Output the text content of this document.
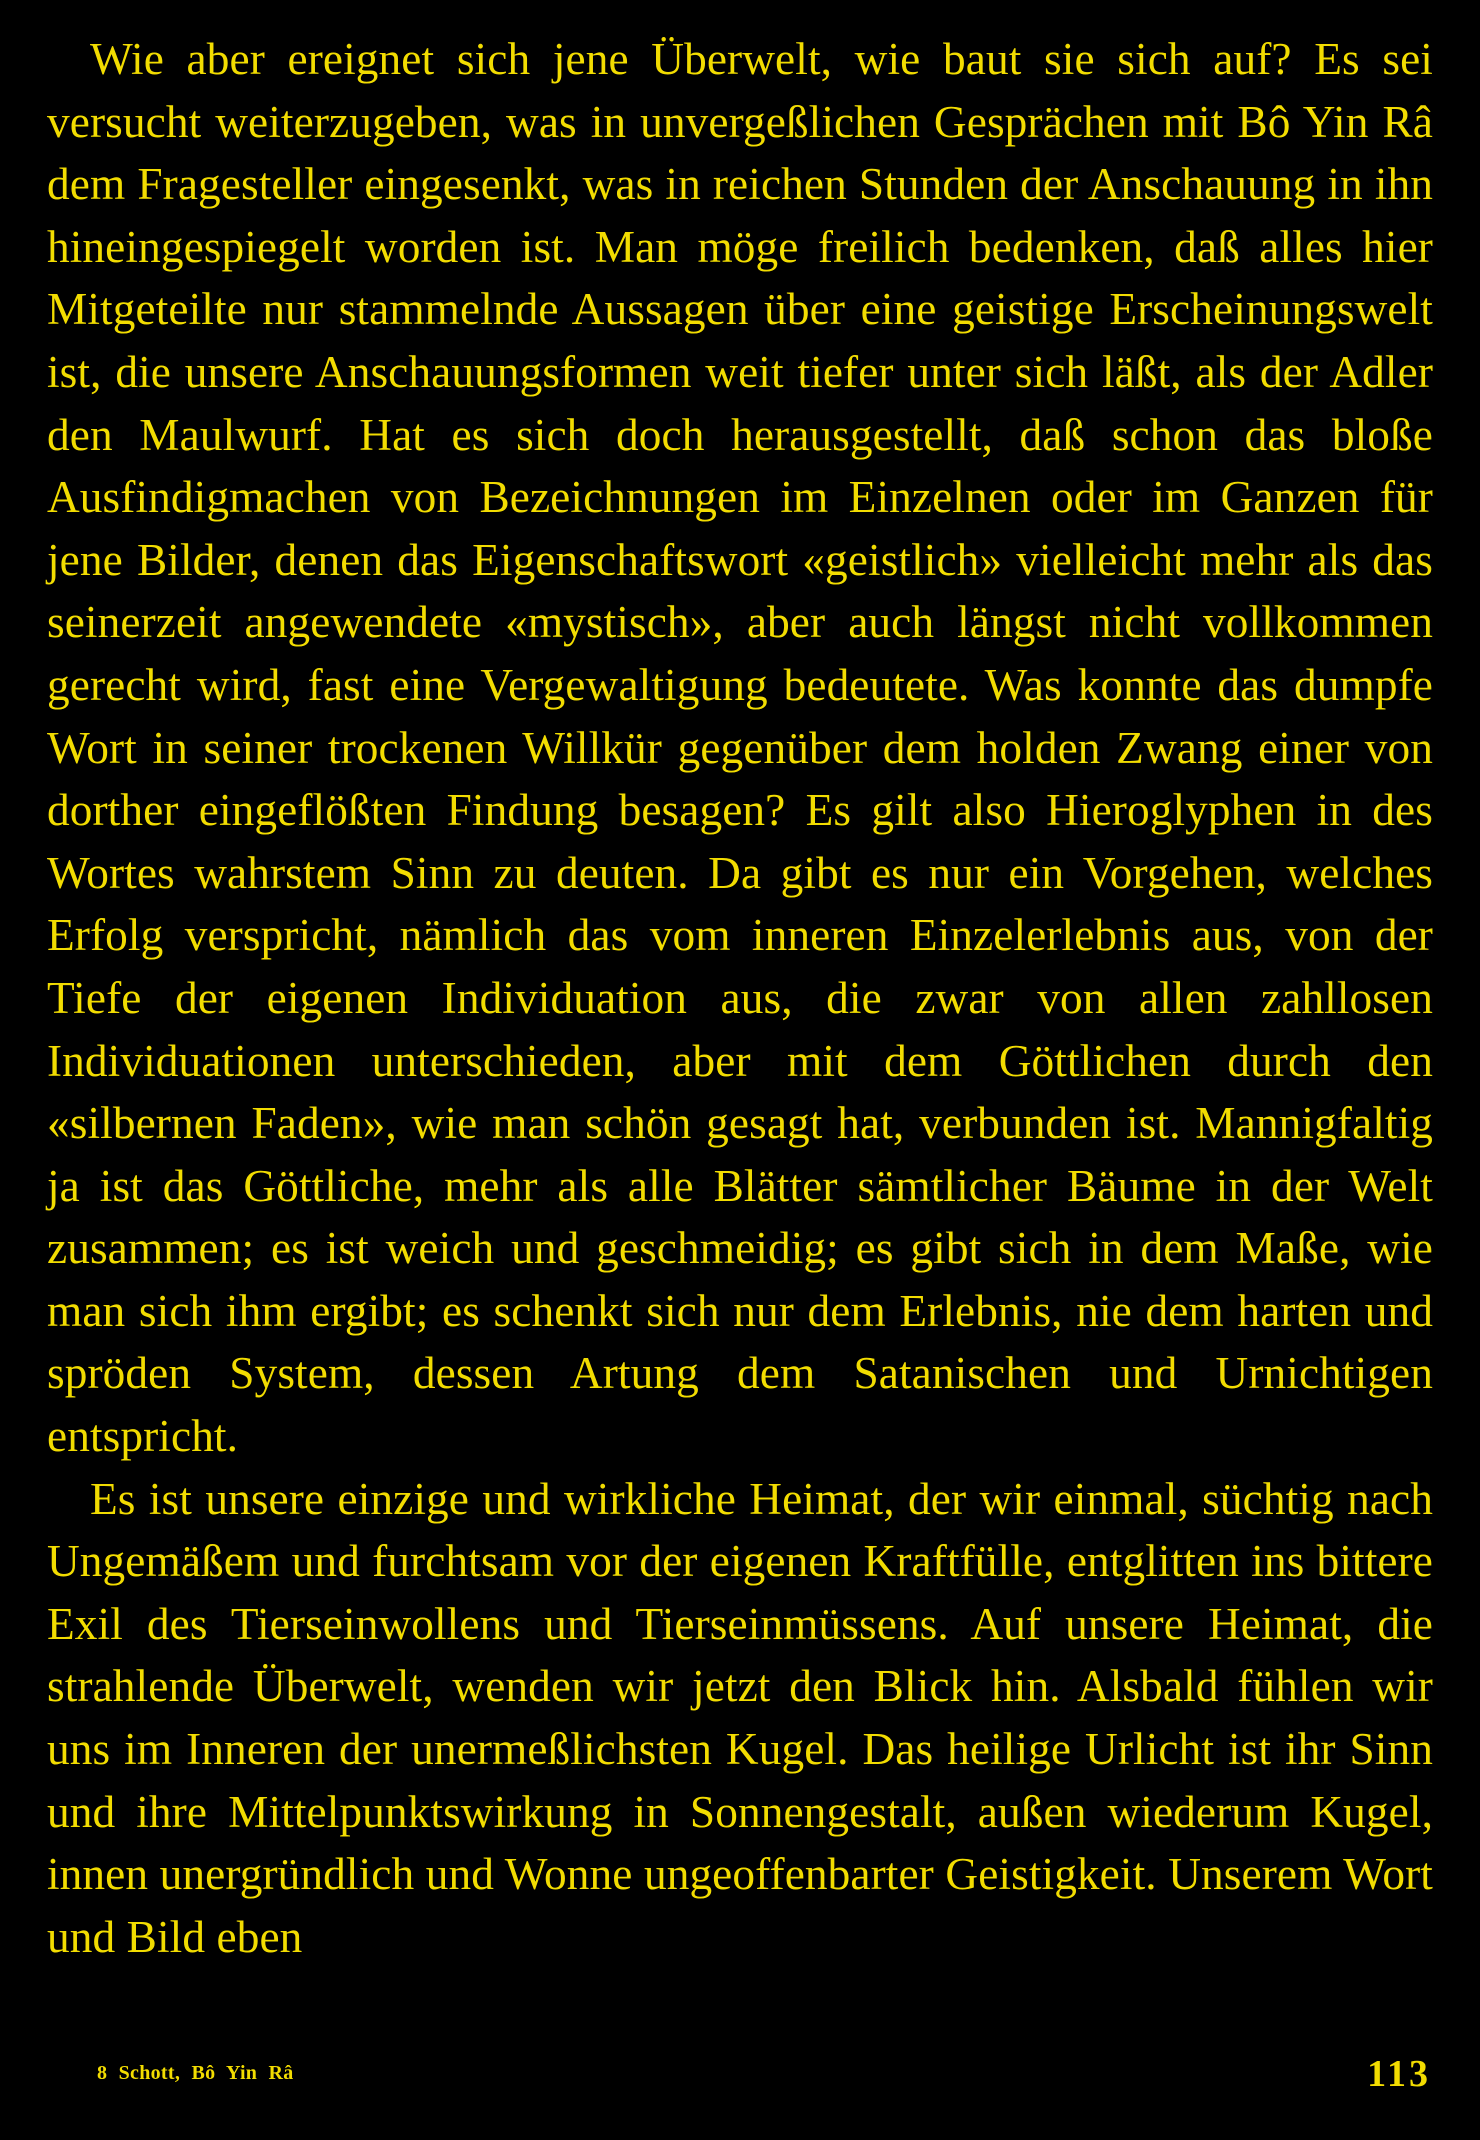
Wie aber ereignet sich jene Überwelt, wie baut sie sich auf? Es sei versucht weiterzugeben, was in unvergeßlichen Gesprächen mit Bô Yin Râ dem Fragesteller eingesenkt, was in reichen Stunden der Anschauung in ihn hineingespiegelt worden ist. Man möge freilich bedenken, daß alles hier Mitgeteilte nur stammelnde Aussagen über eine geistige Erscheinungswelt ist, die unsere Anschauungsformen weit tiefer unter sich läßt, als der Adler den Maulwurf. Hat es sich doch herausgestellt, daß schon das bloße Ausfindigmachen von Bezeichnungen im Einzelnen oder im Ganzen für jene Bilder, denen das Eigenschaftswort «geistlich» vielleicht mehr als das seinerzeit angewendete «mystisch», aber auch längst nicht vollkommen gerecht wird, fast eine Vergewaltigung bedeutete. Was konnte das dumpfe Wort in seiner trockenen Willkür gegenüber dem holden Zwang einer von dorther eingeflößten Findung besagen? Es gilt also Hieroglyphen in des Wortes wahrstem Sinn zu deuten. Da gibt es nur ein Vorgehen, welches Erfolg verspricht, nämlich das vom inneren Einzelerlebnis aus, von der Tiefe der eigenen Individuation aus, die zwar von allen zahllosen Individuationen unterschieden, aber mit dem Göttlichen durch den «silbernen Faden», wie man schön gesagt hat, verbunden ist. Mannigfaltig ja ist das Göttliche, mehr als alle Blätter sämtlicher Bäume in der Welt zusammen; es ist weich und geschmeidig; es gibt sich in dem Maße, wie man sich ihm ergibt; es schenkt sich nur dem Erlebnis, nie dem harten und spröden System, dessen Artung dem Satanischen und Urnichtigen entspricht.

Es ist unsere einzige und wirkliche Heimat, der wir einmal, süchtig nach Ungemäßem und furchtsam vor der eigenen Kraftfülle, entglitten ins bittere Exil des Tierseinwollens und Tierseinmüssens. Auf unsere Heimat, die strahlende Überwelt, wenden wir jetzt den Blick hin. Alsbald fühlen wir uns im Inneren der unermeßlichsten Kugel. Das heilige Urlicht ist ihr Sinn und ihre Mittelpunktswirkung in Sonnengestalt, außen wiederum Kugel, innen unergründlich und Wonne ungeoffenbarter Geistigkeit. Unserem Wort und Bild eben

8 Schott, Bô Yin Râ	113
